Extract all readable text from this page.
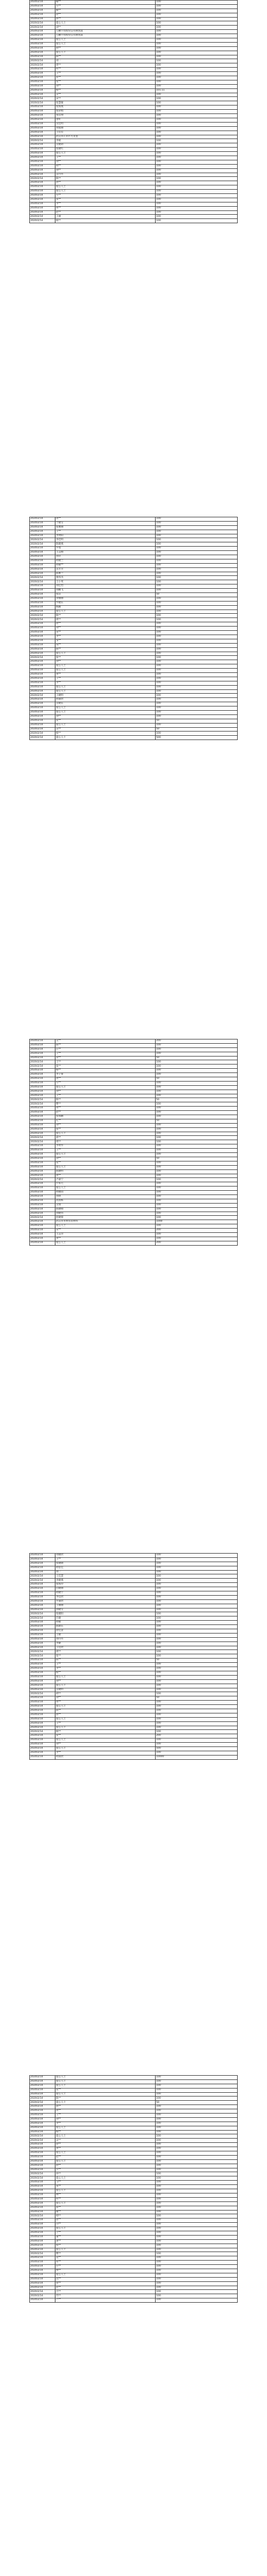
2020/2/14	喻**	100
2020/2/14	方**	100
2020/2/14	喻**	100
2020/2/14	徐**	100
2020/2/14	郭**	100
2020/2/14	爱心人士	100
2020/2/14	刘**	100
2020/2/14	万鹏宇宙股份公司朗凯道	100
2020/2/14	万鹏宇宙股份公司朗凯道	100
2020/2/14	爱心人士	100
2020/2/14	爱心人士	100
2020/2/14	胡**	100
2020/2/14	爱心人士	100
2020/2/14	陈**	100
2020/2/14	刘一	100
2020/2/14	周**	100
2020/2/14	何**	100
2020/2/14	王**	100
2020/2/14	邓**	100
2020/2/14	张**	100
2020/2/14	刘**	100
2020/2/14	杨**	101.11
2020/2/14	吴**	100
2020/2/14	宋**	100
2020/2/14	张慧敏	100
2020/2/14	张海燕	100
2020/2/14	张彩娟	100
2020/2/14	朱佳帅	100
2020/2/14	诸好	100
2020/2/14	吴佳明	100
2020/2/14	刘爱丽	100
2020/2/14	王佳佳	100
2020/2/14	武汉市江岸区九龙巷	100
2020/2/14	李娟	100
2020/2/14	吴晓莉	100
2020/2/14	张晓红	100
2020/2/14	爱心人士	100
2020/2/14	王**	100
2020/2/14	刘**	100
2020/2/14	胡**	100
2020/2/14	刘**	100
2020/2/14	吴丹丹	100
2020/2/14	陈**	100
2020/2/14	孙**	100
2020/2/14	爱心人士	100
2020/2/14	爱心人士	100
2020/2/14	方**	100
2020/2/14	朱**	100
2020/2/14	李**	100
2020/2/14	周**	100
2020/2/14	赵**	100
2020/2/14	王丽	100
2020/2/14	杨**	100
2020/2/14	周**	100
2020/2/14	于晓雪	100
2020/2/14	张雅丽	100
2020/2/14	王**	100
2020/2/14	李明阳	100
2020/2/14	李佳明	100
2020/2/14	陈晓燕	100
2020/2/14	罗旭	100
2020/2/14	王志刚	100
2020/2/14	刘洋	100
2020/2/14	胡晓兰	100
2020/2/14	胡敏**	100
2020/2/14	吴芳芳	100
2020/2/14	陈雅兰	100
2020/2/14	黄伟杰	100
2020/2/14	王小英	100
2020/2/14	刘佳怡	100
2020/2/14	刘鹏飞	100
2020/2/14	张洁	50
2020/2/14	余丽丽	100
2020/2/14	罗晓东	100
2020/2/14	熊颖	100
2020/2/14	爱心人士	100
2020/2/14	陈**	100
2020/2/14	周**	100
2020/2/14	唐**	100
2020/2/14	刘**	100
2020/2/14	宋**	100
2020/2/14	李**	100
2020/2/14	邹**	100
2020/2/14	钱**	100
2020/2/14	陈**	100
2020/2/14	爱心人士	100
2020/2/14	张**	100
2020/2/14	刘**	100
2020/2/14	爱心人士	100
2020/2/14	爱心人士	100
2020/2/14	黄**	100
2020/2/14	王**	100
2020/2/14	李**	100
2020/2/14	爱心人士	100
2020/2/14	爱心人士	100
2020/2/14	王晓明	100
2020/2/14	胡嘉欣	100
2020/2/14	吴晓东	100
2020/2/14	爱心人士	100
2020/2/14	爱心人士	100
2020/2/14	刘**	100
2020/2/14	张**	50
2020/2/14	爱心人士	100
2020/2/14	吴**	50
2020/2/14	杨**	100
2020/2/14	爱心人士	500
2020/2/14	吴**	200
2020/2/14	陈**	100
2020/2/14	汪**	100
2020/2/14	王**	100
2020/2/14	章**	50
2020/2/14	王**	100
2020/2/14	张**	100
2020/2/14	杨**	100
2020/2/14	李子豪	100
2020/2/14	周**	50
2020/2/14	方**	100
2020/2/14	爱心人士	100
2020/2/14	刘**	100
2020/2/14	王**	100
2020/2/14	陈**	50
2020/2/14	曹**	100
2020/2/14	周**	100
2020/2/14	赵**	100
2020/2/14	张海鹏	100
2020/2/14	孔**	50
2020/2/14	刘**	100
2020/2/14	张**	100
2020/2/14	爱心人士	100
2020/2/14	邓**	100
2020/2/14	周**	100
2020/2/14	李明华	100
2020/2/14	王**	100
2020/2/14	爱心人士	100
2020/2/14	刘**	50
2020/2/14	张**	100
2020/2/14	爱心人士	100
2020/2/14	陈晓明	100
2020/2/14	周**	100
2020/2/14	卢嘉宁	100
2020/2/14	许家元	100
2020/2/14	爱心人士	100
2020/2/14	胡晓雨	100
2020/2/14	刘倩	100
2020/2/14	高国栋	100
2020/2/14	吴瑞	100
2020/2/14	陈晓晴	100
2020/2/14	刘晓伟	100
2020/2/14	何晓蓉	100
2020/2/14	武汉市青果包装材料	1000
2020/2/14	爱心人士	100
2020/2/14	宋**	200
2020/2/14	王志洋	100
2020/2/14	黄**	100
2020/2/14	爱心人士	200
2020/2/14	刘晓欣	100
2020/2/14	王**	100
2020/2/14	张晓晓	100
2020/2/14	胡思佳	100
2020/2/14	刘一	100
2020/2/14	王佳慧	100
2020/2/14	李晓燕	100
2020/2/14	张海玲	100
2020/2/14	向晓丽	100
2020/2/14	胡晓宇	100
2020/2/14	李佳欣	100
2020/2/14	罗嘉欣	100
2020/2/14	王丽丽	100
2020/2/14	刘晓雪	100
2020/2/14	张晓阳	100
2020/2/14	许晓	100
2020/2/14	胡敏	100
2020/2/14	陈晓东	100
2020/2/14	徐佳慧	100
2020/2/14	王敏	100
2020/2/14	刘丹丹	100
2020/2/14	李静	100
2020/2/14	王佳欣	100
2020/2/14	周**	100
2020/2/14	张**	100
2020/2/14	陈**	50
2020/2/14	王**	100
2020/2/14	李**	100
2020/2/14	杨**	100
2020/2/14	爱心人士	100
2020/2/14	刘**	100
2020/2/14	爱心人士	100
2020/2/14	吴晓明	100
2020/2/14	胡**	100
2020/2/14	刘**	50
2020/2/14	周**	100
2020/2/14	爱心人士	100
2020/2/14	陈**	100
2020/2/14	郭**	100
2020/2/14	爱心人士	100
2020/2/14	王**	100
2020/2/14	爱心人士	100
2020/2/14	杨**	100
2020/2/14	张**	200
2020/2/14	爱心人士	100
2020/2/14	刘**	100
2020/2/14	爱心人士	500
2020/2/14	李**	100
2020/2/14	胡雨欣	10000
2020/2/14	爱心人士	100
2020/2/14	爱心人士	100
2020/2/14	爱心人士	100
2020/2/14	张**	100
2020/2/14	爱心人士	100
2020/2/14	陈**	100
2020/2/14	爱心人士	50
2020/2/14	郭**	100
2020/2/14	周**	100
2020/2/14	王**	100
2020/2/14	刘**	100
2020/2/14	李**	100
2020/2/14	爱心人士	100
2020/2/14	杨**	100
2020/2/14	爱心人士	100
2020/2/14	吴**	100
2020/2/14	徐**	100
2020/2/14	黄**	100
2020/2/14	爱心人士	100
2020/2/14	赵**	100
2020/2/14	爱心人士	100
2020/2/14	胡**	100
2020/2/14	罗**	100
2020/2/14	孙**	100
2020/2/14	爱心人士	100
2020/2/14	马**	100
2020/2/14	朱**	100
2020/2/14	爱心人士	100
2020/2/14	林**	100
2020/2/14	何**	100
2020/2/14	爱心人士	100
2020/2/14	郑**	100
2020/2/14	谢**	100
2020/2/14	韩**	100
2020/2/14	唐**	100
2020/2/14	冯**	100
2020/2/14	爱心人士	100
2020/2/14	于**	100
2020/2/14	董**	100
2020/2/14	萧**	100
2020/2/14	程**	100
2020/2/14	爱心人士	100
2020/2/14	曹**	100
2020/2/14	袁**	100
2020/2/14	邓**	100
2020/2/14	许**	100
2020/2/14	傅**	100
2020/2/14	爱心人士	100
2020/2/14	沈**	100
2020/2/14	曾**	100
2020/2/14	彭**	100
2020/2/14	吕**	100
2020/2/14	苏**	100
2020/2/14	卢**	100
